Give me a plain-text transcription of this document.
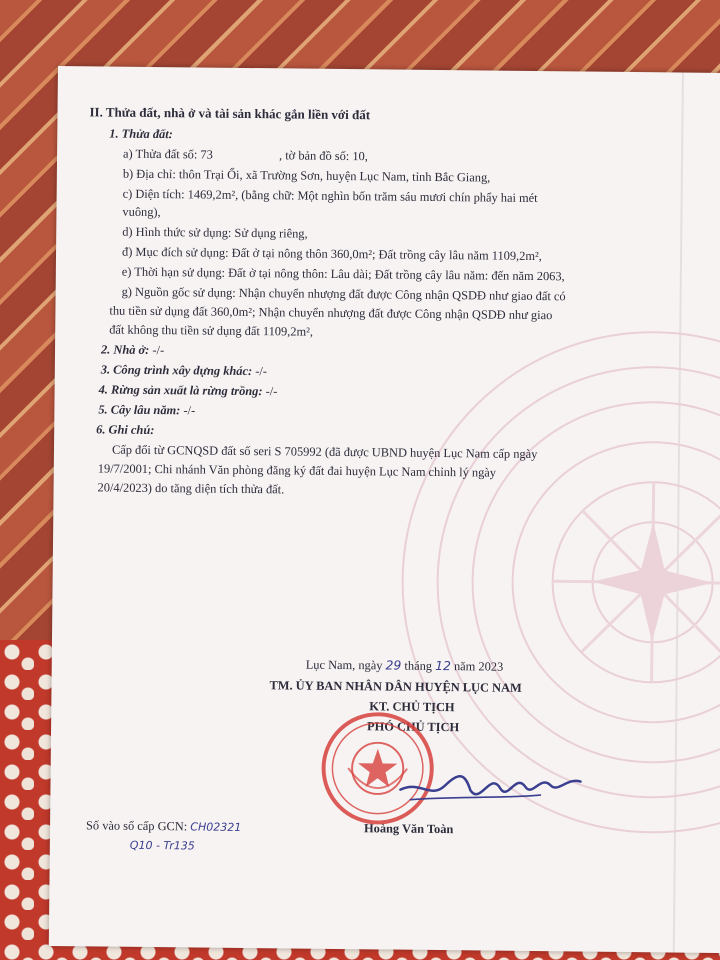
II. Thửa đất, nhà ở và tài sản khác gắn liền với đất
1. Thửa đất:
a) Thửa đất số: 73	, tờ bản đồ số: 10,
b) Địa chỉ: thôn Trại Ổi, xã Trường Sơn, huyện Lục Nam, tỉnh Bắc Giang,
c) Diện tích: 1469,2m², (bằng chữ: Một nghìn bốn trăm sáu mươi chín phẩy hai mét
vuông),
d) Hình thức sử dụng: Sử dụng riêng,
đ) Mục đích sử dụng: Đất ở tại nông thôn 360,0m²; Đất trồng cây lâu năm 1109,2m²,
e) Thời hạn sử dụng: Đất ở tại nông thôn: Lâu dài; Đất trồng cây lâu năm: đến năm 2063,
g) Nguồn gốc sử dụng: Nhận chuyển nhượng đất được Công nhận QSDĐ như giao đất có
thu tiền sử dụng đất 360,0m²; Nhận chuyển nhượng đất được Công nhận QSDĐ như giao
đất không thu tiền sử dụng đất 1109,2m²,
2. Nhà ở: -/-
3. Công trình xây dựng khác: -/-
4. Rừng sản xuất là rừng trồng: -/-
5. Cây lâu năm: -/-
6. Ghi chú:
Cấp đổi từ GCNQSD đất số seri S 705992 (đã được UBND huyện Lục Nam cấp ngày
19/7/2001; Chi nhánh Văn phòng đăng ký đất đai huyện Lục Nam chỉnh lý ngày
20/4/2023) do tăng diện tích thửa đất.
Lục Nam, ngày 29 tháng 12 năm 2023
TM. ỦY BAN NHÂN DÂN HUYỆN LỤC NAM
KT. CHỦ TỊCH
PHÓ CHỦ TỊCH
Hoàng Văn Toàn
Số vào sổ cấp GCN: CH02321
Q10 - Tr135
